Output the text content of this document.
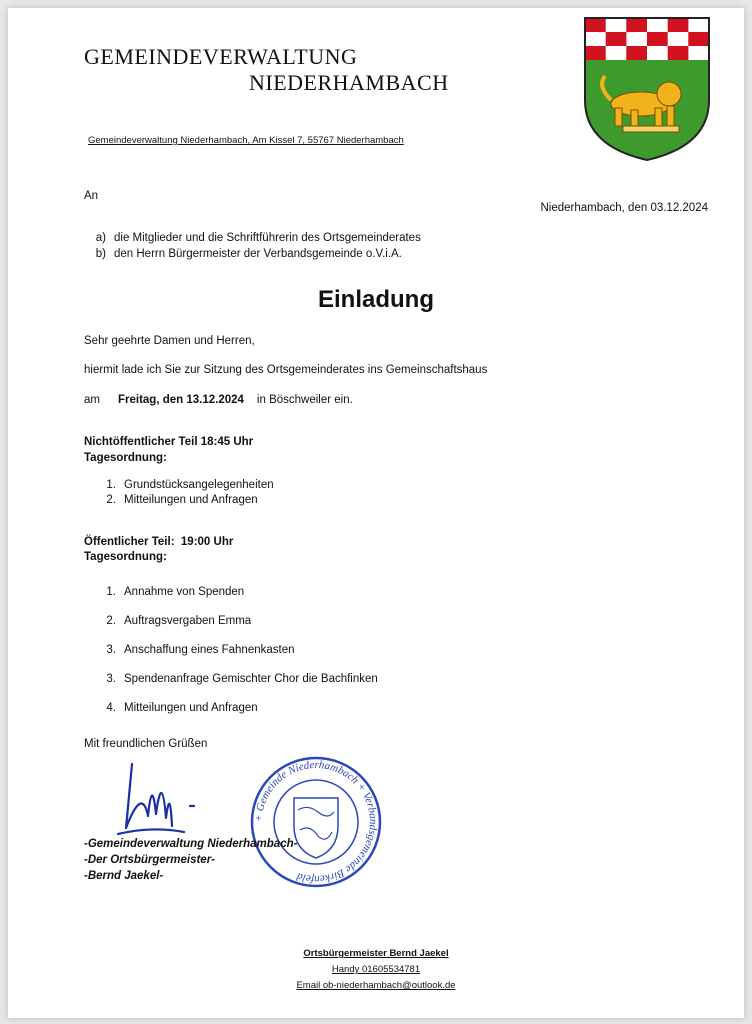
GEMEINDEVERWALTUNG
NIEDERHAMBACH
Gemeindeverwaltung Niederhambach, Am Kissel 7, 55767 Niederhambach
An
Niederhambach, den 03.12.2024
a) die Mitglieder und die Schriftführerin des Ortsgemeinderates
b) den Herrn Bürgermeister der Verbandsgemeinde o.V.i.A.
Einladung
Sehr geehrte Damen und Herren,
hiermit lade ich Sie zur Sitzung des Ortsgemeinderates ins Gemeinschaftshaus
am Freitag, den 13.12.2024 in Böschweiler ein.
Nichtöffentlicher Teil 18:45 Uhr
Tagesordnung:
1. Grundstücksangelegenheiten
2. Mitteilungen und Anfragen
Öffentlicher Teil:  19:00 Uhr
Tagesordnung:
1. Annahme von Spenden
2. Auftragsvergaben Emma
3. Anschaffung eines Fahnenkasten
3. Spendenanfrage Gemischter Chor die Bachfinken
4. Mitteilungen und Anfragen
Mit freundlichen Grüßen
+ Gemeinde Niederhambach + Verbandsgemeinde Birkenfeld
-Gemeindeverwaltung Niederhambach-
-Der Ortsbürgermeister-
-Bernd Jaekel-
Ortsbürgermeister Bernd Jaekel
Handy 01605534781
Email ob-niederhambach@outlook.de
